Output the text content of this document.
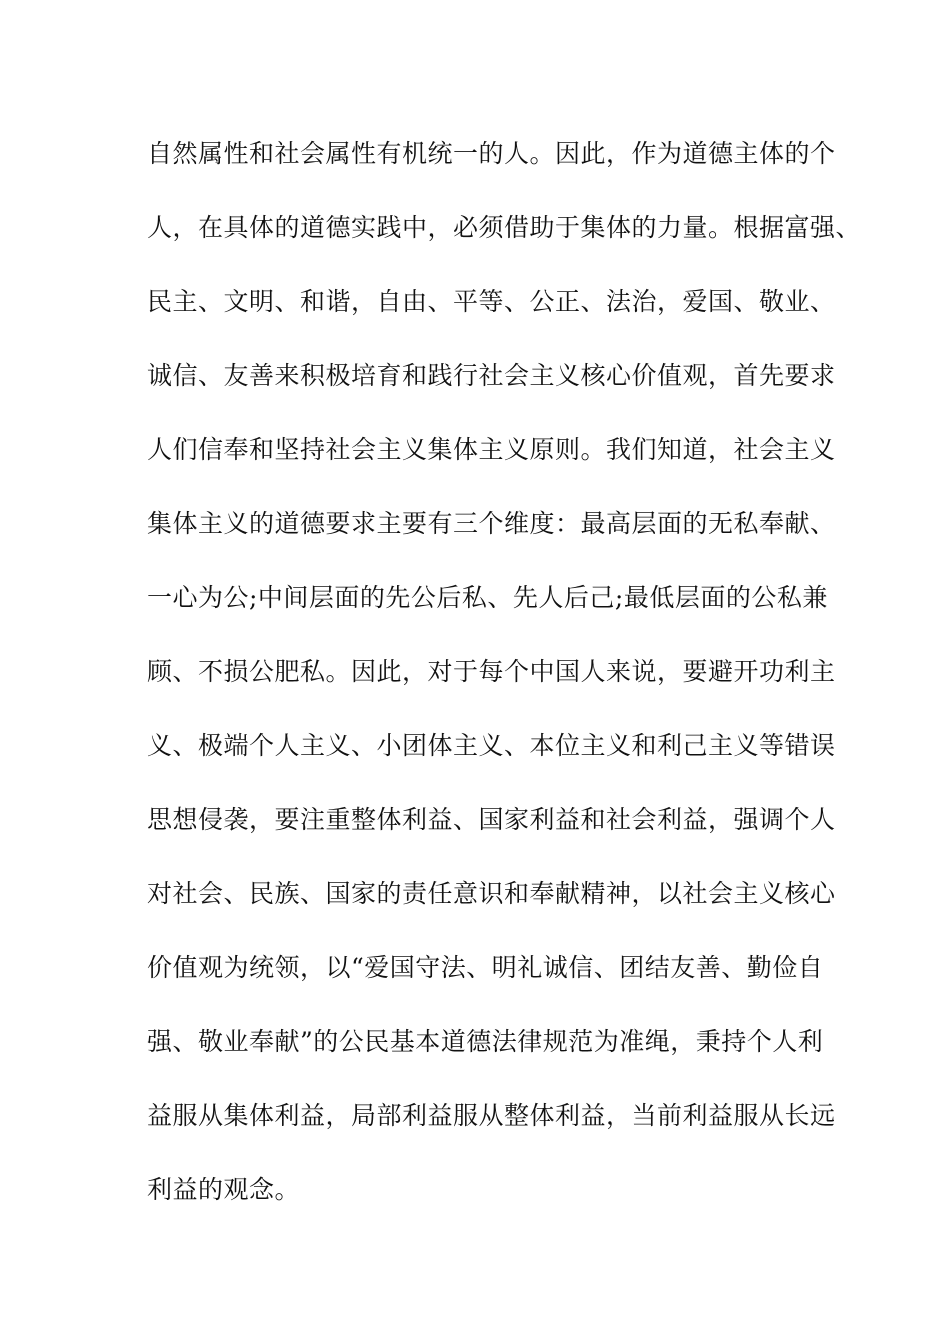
自然属性和社会属性有机统一的人。因此，作为道德主体的个
人，在具体的道德实践中，必须借助于集体的力量。根据富强、
民主、文明、和谐，自由、平等、公正、法治，爱国、敬业、
诚信、友善来积极培育和践行社会主义核心价值观，首先要求
人们信奉和坚持社会主义集体主义原则。我们知道，社会主义
集体主义的道德要求主要有三个维度：最高层面的无私奉献、
一心为公;中间层面的先公后私、先人后己;最低层面的公私兼
顾、不损公肥私。因此，对于每个中国人来说，要避开功利主
义、极端个人主义、小团体主义、本位主义和利己主义等错误
思想侵袭，要注重整体利益、国家利益和社会利益，强调个人
对社会、民族、国家的责任意识和奉献精神，以社会主义核心
价值观为统领，以“爱国守法、明礼诚信、团结友善、勤俭自
强、敬业奉献”的公民基本道德法律规范为准绳，秉持个人利
益服从集体利益，局部利益服从整体利益，当前利益服从长远
利益的观念。
